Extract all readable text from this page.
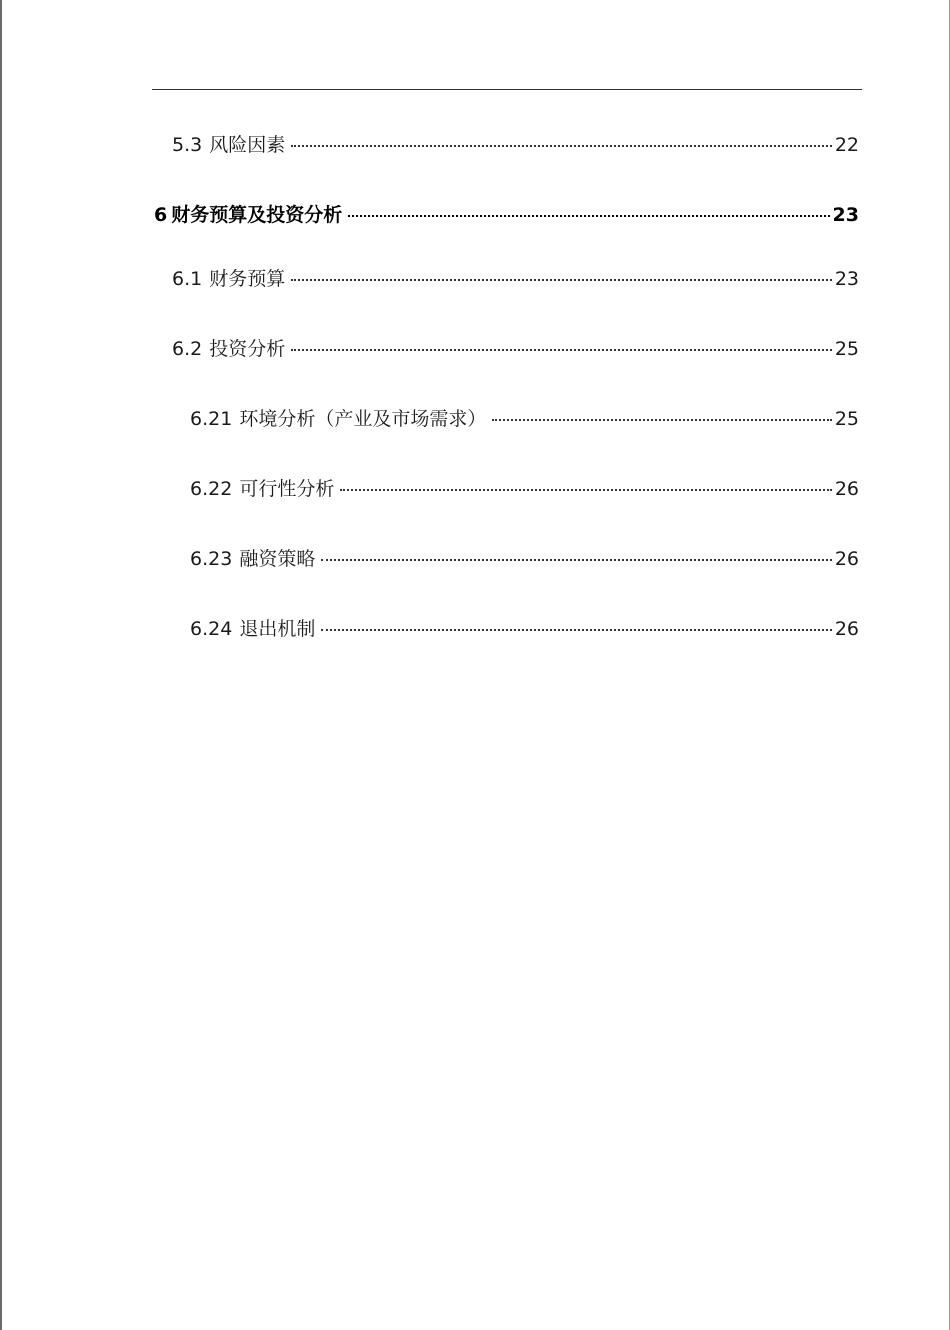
5.3 风险因素	22
6 财务预算及投资分析	23
6.1 财务预算	23
6.2 投资分析	25
6.21 环境分析（产业及市场需求）	25
6.22 可行性分析	26
6.23 融资策略	26
6.24 退出机制	26
